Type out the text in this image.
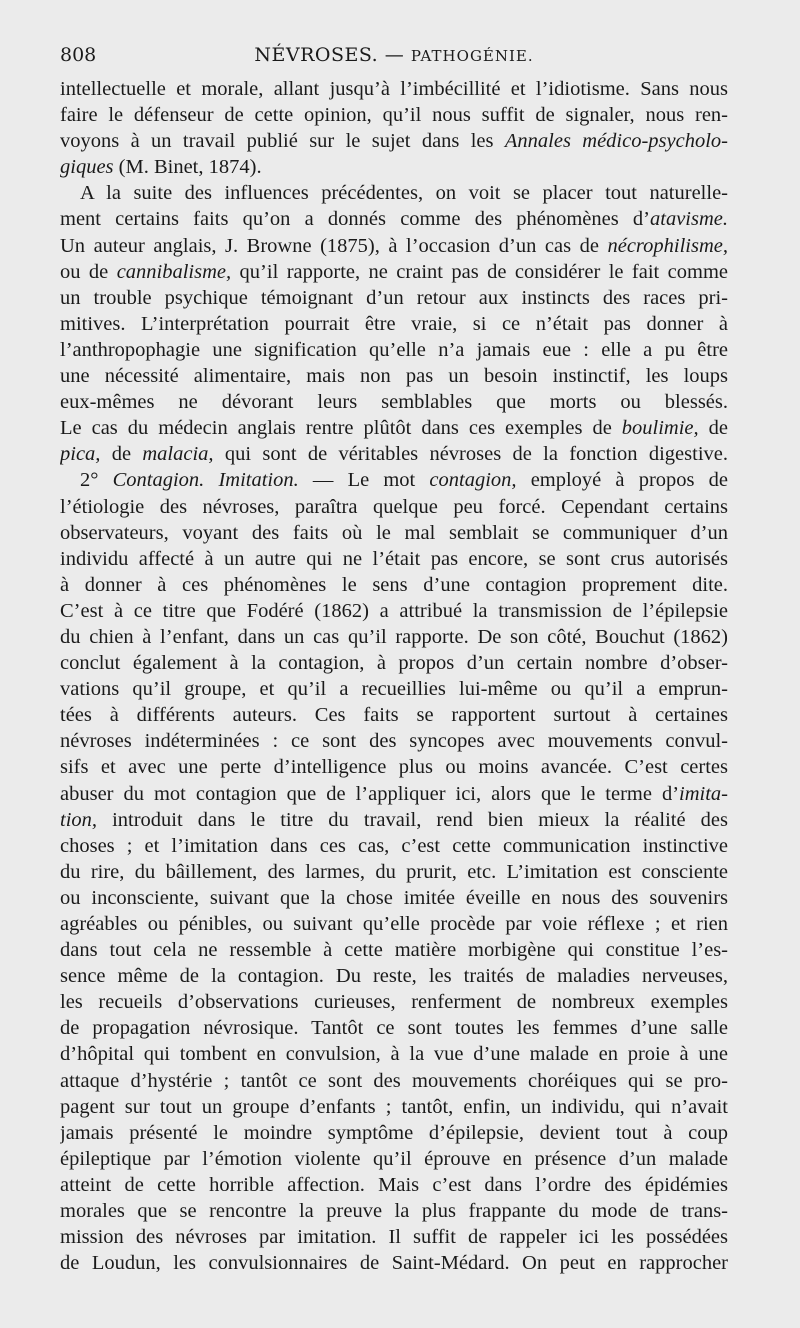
808	NÉVROSES. — PATHOGÉNIE.
intellectuelle et morale, allant jusqu’à l’imbécillité et l’idiotisme. Sans nous
faire le défenseur de cette opinion, qu’il nous suffit de signaler, nous ren-
voyons à un travail publié sur le sujet dans les Annales médico-psycholo-
giques (M. Binet, 1874).
A la suite des influences précédentes, on voit se placer tout naturelle-
ment certains faits qu’on a donnés comme des phénomènes d’atavisme.
Un auteur anglais, J. Browne (1875), à l’occasion d’un cas de nécrophilisme,
ou de cannibalisme, qu’il rapporte, ne craint pas de considérer le fait comme
un trouble psychique témoignant d’un retour aux instincts des races pri-
mitives. L’interprétation pourrait être vraie, si ce n’était pas donner à
l’anthropophagie une signification qu’elle n’a jamais eue : elle a pu être
une nécessité alimentaire, mais non pas un besoin instinctif, les loups
eux-mêmes ne dévorant leurs semblables que morts ou blessés.
Le cas du médecin anglais rentre plûtôt dans ces exemples de boulimie, de
pica, de malacia, qui sont de véritables névroses de la fonction digestive.
2° Contagion. Imitation. — Le mot contagion, employé à propos de
l’étiologie des névroses, paraîtra quelque peu forcé. Cependant certains
observateurs, voyant des faits où le mal semblait se communiquer d’un
individu affecté à un autre qui ne l’était pas encore, se sont crus autorisés
à donner à ces phénomènes le sens d’une contagion proprement dite.
C’est à ce titre que Fodéré (1862) a attribué la transmission de l’épilepsie
du chien à l’enfant, dans un cas qu’il rapporte. De son côté, Bouchut (1862)
conclut également à la contagion, à propos d’un certain nombre d’obser-
vations qu’il groupe, et qu’il a recueillies lui-même ou qu’il a emprun-
tées à différents auteurs. Ces faits se rapportent surtout à certaines
névroses indéterminées : ce sont des syncopes avec mouvements convul-
sifs et avec une perte d’intelligence plus ou moins avancée. C’est certes
abuser du mot contagion que de l’appliquer ici, alors que le terme d’imita-
tion, introduit dans le titre du travail, rend bien mieux la réalité des
choses ; et l’imitation dans ces cas, c’est cette communication instinctive
du rire, du bâillement, des larmes, du prurit, etc. L’imitation est consciente
ou inconsciente, suivant que la chose imitée éveille en nous des souvenirs
agréables ou pénibles, ou suivant qu’elle procède par voie réflexe ; et rien
dans tout cela ne ressemble à cette matière morbigène qui constitue l’es-
sence même de la contagion. Du reste, les traités de maladies nerveuses,
les recueils d’observations curieuses, renferment de nombreux exemples
de propagation névrosique. Tantôt ce sont toutes les femmes d’une salle
d’hôpital qui tombent en convulsion, à la vue d’une malade en proie à une
attaque d’hystérie ; tantôt ce sont des mouvements choréiques qui se pro-
pagent sur tout un groupe d’enfants ; tantôt, enfin, un individu, qui n’avait
jamais présenté le moindre symptôme d’épilepsie, devient tout à coup
épileptique par l’émotion violente qu’il éprouve en présence d’un malade
atteint de cette horrible affection. Mais c’est dans l’ordre des épidémies
morales que se rencontre la preuve la plus frappante du mode de trans-
mission des névroses par imitation. Il suffit de rappeler ici les possédées
de Loudun, les convulsionnaires de Saint-Médard. On peut en rapprocher
